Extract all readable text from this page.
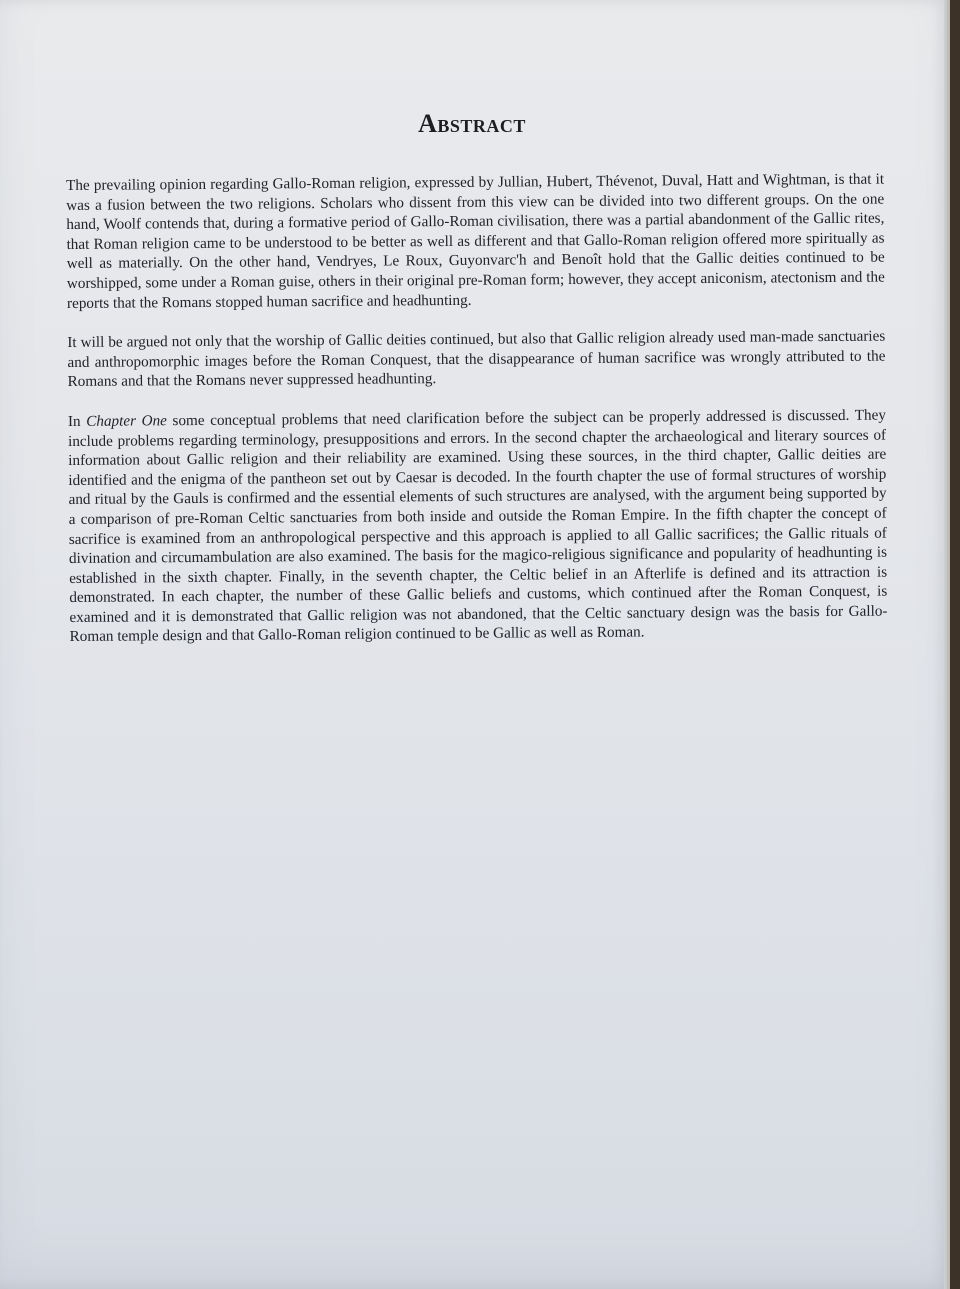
Abstract

The prevailing opinion regarding Gallo-Roman religion, expressed by Jullian, Hubert, Thévenot, Duval, Hatt and Wightman, is that it was a fusion between the two religions. Scholars who dissent from this view can be divided into two different groups. On the one hand, Woolf contends that, during a formative period of Gallo-Roman civilisation, there was a partial abandonment of the Gallic rites, that Roman religion came to be understood to be better as well as different and that Gallo-Roman religion offered more spiritually as well as materially. On the other hand, Vendryes, Le Roux, Guyonvarc'h and Benoît hold that the Gallic deities continued to be worshipped, some under a Roman guise, others in their original pre-Roman form; however, they accept aniconism, atectonism and the reports that the Romans stopped human sacrifice and headhunting.

It will be argued not only that the worship of Gallic deities continued, but also that Gallic religion already used man-made sanctuaries and anthropomorphic images before the Roman Conquest, that the disappearance of human sacrifice was wrongly attributed to the Romans and that the Romans never suppressed headhunting.

In Chapter One some conceptual problems that need clarification before the subject can be properly addressed is discussed. They include problems regarding terminology, presuppositions and errors. In the second chapter the archaeological and literary sources of information about Gallic religion and their reliability are examined. Using these sources, in the third chapter, Gallic deities are identified and the enigma of the pantheon set out by Caesar is decoded. In the fourth chapter the use of formal structures of worship and ritual by the Gauls is confirmed and the essential elements of such structures are analysed, with the argument being supported by a comparison of pre-Roman Celtic sanctuaries from both inside and outside the Roman Empire. In the fifth chapter the concept of sacrifice is examined from an anthropological perspective and this approach is applied to all Gallic sacrifices; the Gallic rituals of divination and circumambulation are also examined. The basis for the magico-religious significance and popularity of headhunting is established in the sixth chapter. Finally, in the seventh chapter, the Celtic belief in an Afterlife is defined and its attraction is demonstrated. In each chapter, the number of these Gallic beliefs and customs, which continued after the Roman Conquest, is examined and it is demonstrated that Gallic religion was not abandoned, that the Celtic sanctuary design was the basis for Gallo-Roman temple design and that Gallo-Roman religion continued to be Gallic as well as Roman.
